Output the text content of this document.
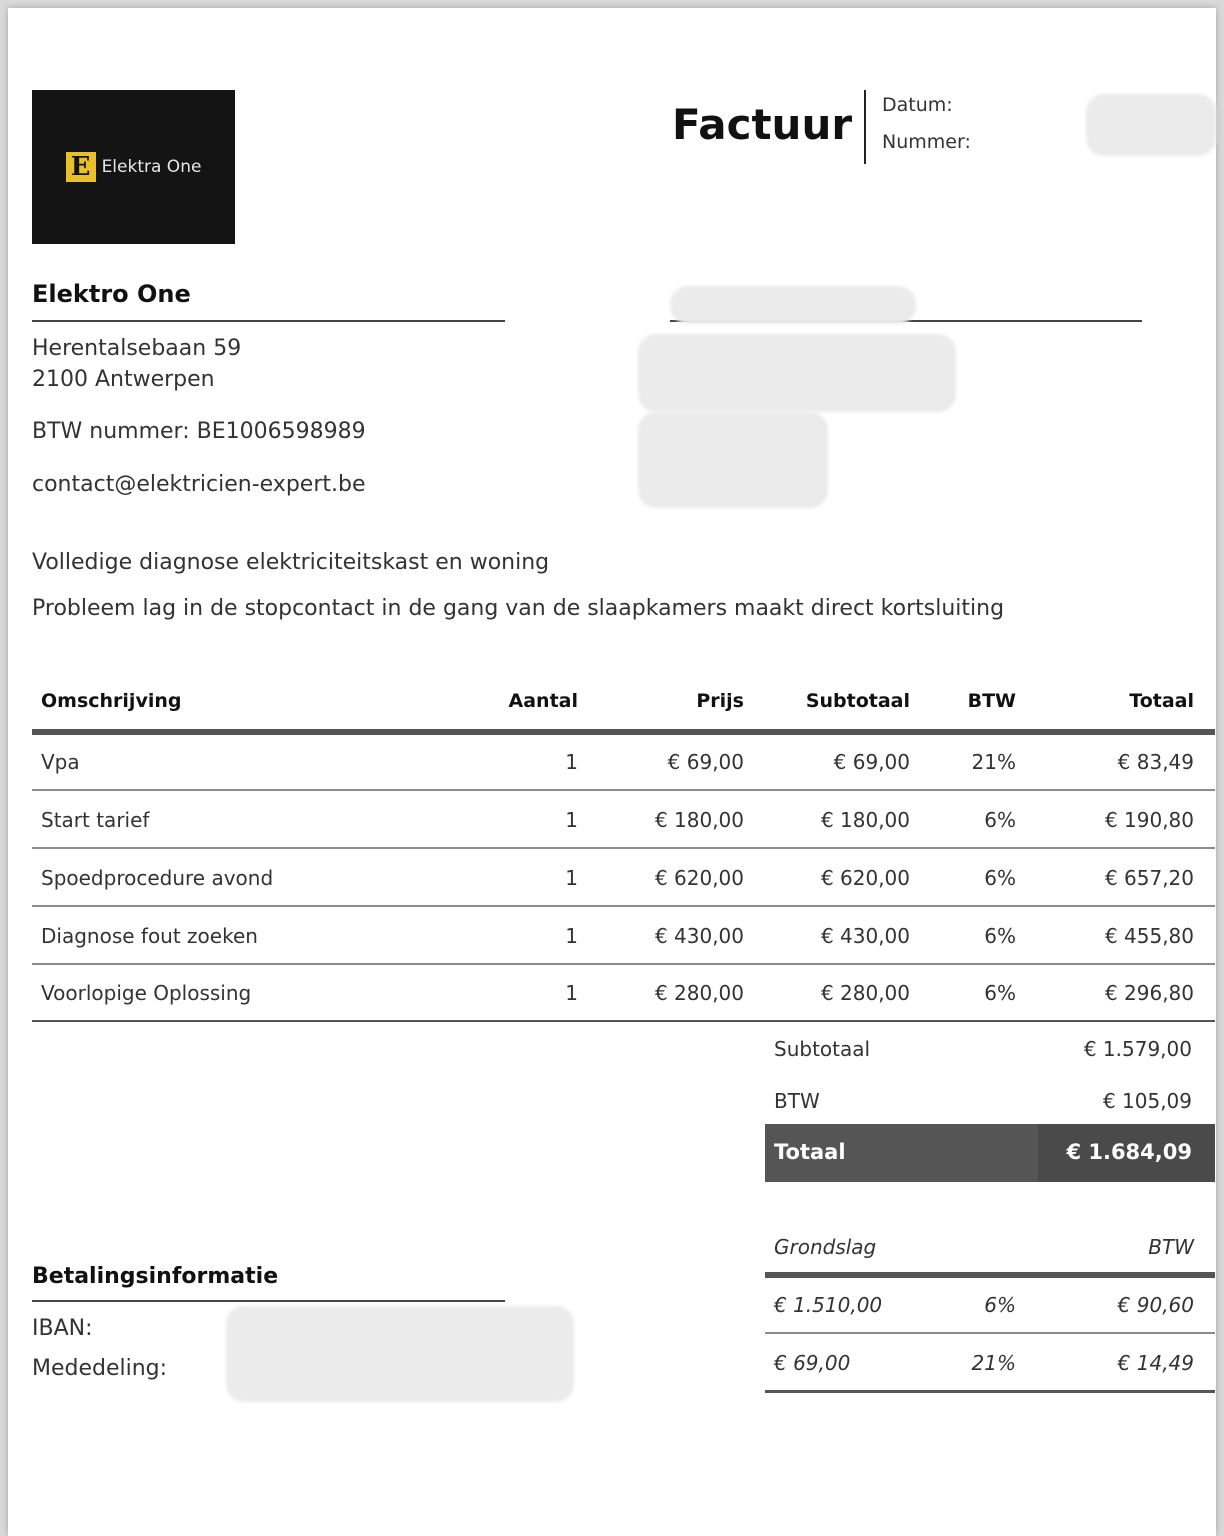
E Elektra One
Factuur Datum:
Nummer:
Elektro One
Herentalsebaan 59
2100 Antwerpen
BTW nummer: BE1006598989
contact@elektricien-expert.be
Volledige diagnose elektriciteitskast en woning
Probleem lag in de stopcontact in de gang van de slaapkamers maakt direct kortsluiting
Omschrijving	Aantal	Prijs	Subtotaal	BTW	Totaal
Vpa	1	€ 69,00	€ 69,00	21%	€ 83,49
Start tarief	1	€ 180,00	€ 180,00	6%	€ 190,80
Spoedprocedure avond	1	€ 620,00	€ 620,00	6%	€ 657,20
Diagnose fout zoeken	1	€ 430,00	€ 430,00	6%	€ 455,80
Voorlopige Oplossing	1	€ 280,00	€ 280,00	6%	€ 296,80
Subtotaal	€ 1.579,00
BTW	€ 105,09
Totaal	€ 1.684,09
Grondslag	BTW
€ 1.510,00	6%	€ 90,60
€ 69,00	21%	€ 14,49
Betalingsinformatie
IBAN:
Mededeling:
